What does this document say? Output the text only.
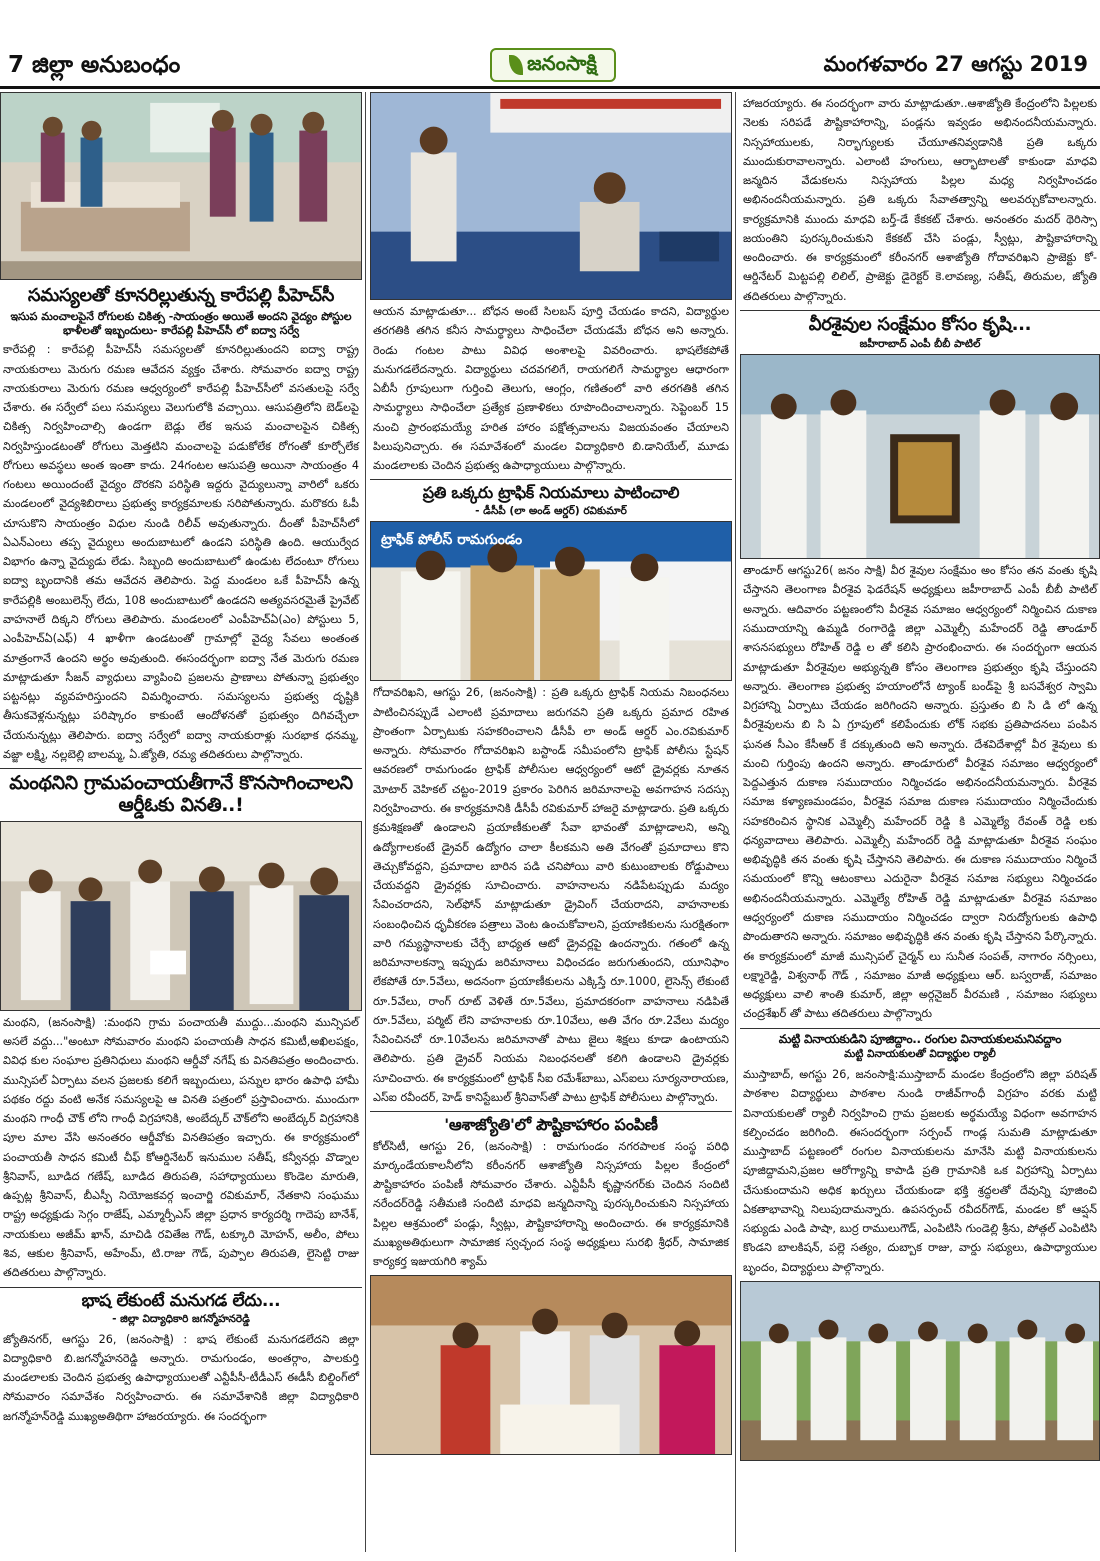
7 జిల్లా అనుబంధం	జనంసాక్షి	మంగళవారం 27 ఆగస్టు 2019
సమస్యలతో కూనరిల్లుతున్న కారేపల్లి పీహెచ్‌సీ
ఇసుప మంచాలపైనే రోగులకు చికిత్స -సాయంత్రం అయితే అందని వైద్యం పోస్టుల భాళీలతో ఇబ్బందులు- కారేపల్లి పీహెచ్‌సీ లో ఐద్వా సర్వే
కారేపల్లి : కారేపల్లి పీహెచ్‌సీ సమస్యలతో కూనరిల్లుతుందని ఐద్వా రాష్ట్ర నాయకురాలు మెరుగు రమణ ఆవేదన వ్యక్తం చేశారు. సోమవారం ఐద్వా రాష్ట్ర నాయకురాలు మెరుగు రమణ ఆధ్వర్యంలో కారేపల్లి పీహెచ్‌సీలో వసతులపై సర్వే చేశారు. ఈ సర్వేలో పలు సమస్యలు వెలుగులోకి వచ్చాయి. ఆసుపత్రిలోని బెడ్‌లపై చికిత్స నిర్వహించాల్సి ఉండగా బెడ్లు లేక ఇనుప మంచాలపైన చికిత్స నిర్వహిస్తుండటంతో రోగులు మెత్తటిని మంచాలపై పడుకోలేక రోగంతో కూర్చోలేక రోగులు అవస్థలు అంత ఇంతా కాదు. 24గంటల ఆసుపత్రి అయినా సాయంత్రం 4 గంటలు అయిందంటే వైద్యం దొరకని పరిస్థితి ఇద్దరు వైద్యులున్నా వారిలో ఒకరు మండలంలో వైద్యశిబిరాలు ప్రభుత్వ కార్యక్రమాలకు సరిపోతున్నారు. మరొకరు ఓపీ చూసుకొని సాయంత్రం విధుల నుండి రిలీవ్ అవుతున్నారు. దీంతో పీహెచ్‌సీలో ఏఎన్ఎంలు తప్ప వైద్యులు అందుబాటులో ఉండని పరిస్థితి ఉంది. ఆయుర్వేద విభాగం ఉన్నా వైద్యుడు లేడు. సిబ్బంది అందుబాటులో ఉండుట లేదంటూ రోగులు ఐద్వా బృందానికి తమ ఆవేదన తెలిపారు. పెద్ద మండలం ఒకే పీహెచ్‌సీ ఉన్న కారేపల్లికి అంబులెన్స్ లేదు, 108 అందుబాటులో ఉండదని అత్యవసరమైతే ప్రైవేట్ వాహనాలే దిక్కని రోగులు తెలిపారు. మండలంలో ఎంపీహెచ్‌ఏ(ఎం) పోస్టులు 5, ఎంపీహెచ్‌ఏ(ఎఫ్) 4 ఖాళీగా ఉండటంతో గ్రామాల్లో వైద్య సేవలు అంతంత మాత్రంగానే ఉందని అర్థం అవుతుంది. ఈసందర్భంగా ఐద్వా నేత మెరుగు రమణ మాట్లాడుతూ సీజన్ వ్యాధులు వ్యాపించి ప్రజలను ప్రాణాలు పోతున్నా ప్రభుత్వం పట్టనట్లు వ్యవహరిస్తుందని విమర్శించారు. సమస్యలను ప్రభుత్వ దృష్టికి తీసుకవెళ్లనున్నట్లు పరిష్కారం కాకుంటే ఆందోళనతో ప్రభుత్వం దిగివచ్చేలా చేయనున్నట్లు తెలిపారు. ఐద్వా సర్వేలో ఐద్వా నాయకురాళ్లు సురభాక ధనమ్మ, వజ్జా లక్ష్మి, నల్లబెల్లి బాలమ్మ, ఏ.జ్యోతి, రమ్య తదితరులు పాల్గొన్నారు.
మంథనిని గ్రామపంచాయతీగానే కొనసాగించాలని ఆర్డీఓకు వినతి..!
మంథని, (జనంసాక్షి) :మంథని గ్రామ పంచాయతీ ముద్దు...మంథని మున్సిపల్ అసలే వద్దు..."అంటూ సోమవారం మంథని పంచాయతీ సాధన కమిటీ,అఖిలపక్షం, వివిధ కుల సంఘాల ప్రతినిధులు మంథని ఆర్డీవో నగేష్ కు వినతిపత్రం అందించారు. మున్సిపల్ ఏర్పాటు వలన ప్రజలకు కలిగే ఇబ్బందులు, పన్నుల భారం ఉపాధి హామీ పథకం రద్దు వంటి అనేక సమస్యలపై ఆ వినతి పత్రంలో ప్రస్తావించారు. ముందుగా మంథని గాంధీ చౌక్ లోని గాంధీ విగ్రహానికి, అంబేద్కర్ చౌక్‌లోని అంబేద్కర్ విగ్రహానికి పూల మాల వేసి అనంతరం ఆర్డీవోకు వినతిపత్రం ఇచ్చారు. ఈ కార్యక్రమంలో పంచాయతీ సాధన కమిటీ చీఫ్ కోఆర్డినేటర్ ఇనుముల సతీష్, కన్వీనర్లు వొడ్నాల శ్రీనివాస్, బూడిద గణేష్, బూడిద తిరుపతి, సహాధ్యాయులు కొండెల మారుతి, ఉప్పట్ల శ్రీనివాస్, బీఎస్పీ నియోజకవర్గ ఇంచార్జి రవికుమార్, నేతకాని సంఘము రాష్ట్ర అధ్యక్షుడు సెగ్గం రాజేష్, ఎమ్మార్పీఎస్ జిల్లా ప్రధాన కార్యదర్శి గాదెపు బానేశ్, నాయకులు అజీమ్ ఖాన్, మాచిడి రవితేజ గౌడ్, టక్కూరి మోహన్, అలీం, పోలు శివ, ఆకుల శ్రీనివాస్, అహేంమ్, టి.రాజు గౌడ్, పుప్పాల తిరుపతి, లైసెట్టి రాజు తదితరులు పాల్గొన్నారు.
భాష లేకుంటే మనుగడ లేదు...
- జిల్లా విద్యాధికారి జగన్మోహనరెడ్డి
జ్యోతినగర్, ఆగస్టు 26, (జనంసాక్షి) : భాష లేకుంటే మనుగడలేదని జిల్లా విద్యాధికారి బి.జగన్మోహనరెడ్డి అన్నారు. రామగుండం, అంతర్గాం, పాలకుర్తి మండలాలకు చెందిన ప్రభుత్వ ఉపాధ్యాయులతో ఎన్టీపీసీ-టీడీఎస్ ఈడీసీ బిల్డింగ్‌లో సోమవారం సమావేశం నిర్వహించారు. ఈ సమావేశానికి జిల్లా విద్యాధికారి జగన్మోహన్‌రెడ్డి ముఖ్యఅతిథిగా హాజరయ్యారు. ఈ సందర్భంగా
ఆయన మాట్లాడుతూ... బోధన అంటే సిలబస్ పూర్తి చేయడం కాదని, విద్యార్థుల తరగతికి తగిన కనీస సామర్థ్యాలు సాధించేలా చేయడమే బోధన అని అన్నారు. రెండు గంటల పాటు వివిధ అంశాలపై వివరించారు. భాషలేకపోతే మనుగడలేదన్నారు. విద్యార్థులు చదవగలిగే, రాయగలిగే సామర్థ్యాల ఆధారంగా ఏబీసీ గ్రూపులుగా గుర్తించి తెలుగు, ఆంగ్లం, గణితంలో వారి తరగతికి తగిన సామర్థ్యాలు సాధించేలా ప్రత్యేక ప్రణాళికలు రూపొందించాలన్నారు. సెప్టెంబర్ 15 నుంచి ప్రారంభమయ్యే హరిత హారం పక్షోత్సవాలను విజయవంతం చేయాలని పిలుపునిచ్చారు. ఈ సమావేశంలో మండల విద్యాధికారి బి.డానియేల్, మూడు మండలాలకు చెందిన ప్రభుత్వ ఉపాధ్యాయులు పాల్గొన్నారు.
ప్రతి ఒక్కరు ట్రాఫిక్ నియమాలు పాటించాలి
- డీసీపీ (లా అండ్ ఆర్డర్) రవికుమార్
ట్రాఫిక్ పోలీస్ రామగుండం
గోదావరిఖని, ఆగస్టు 26, (జనంసాక్షి) : ప్రతి ఒక్కరు ట్రాఫిక్ నియమ నిబంధనలు పాటించినప్పుడే ఎలాంటి ప్రమాదాలు జరుగవని ప్రతి ఒక్కరు ప్రమాద రహిత ప్రాంతంగా ఏర్పాటుకు సహకరించాలని డీసీపీ లా అండ్ ఆర్డర్ ఎం.రవికుమార్ అన్నారు. సోమవారం గోదావరిఖని బస్టాండ్ సమీపంలోని ట్రాఫిక్ పోలీసు స్టేషన్ ఆవరణలో రామగుండం ట్రాఫిక్ పోలీసుల ఆధ్వర్యంలో ఆటో డ్రైవర్లకు నూతన మోటార్ వెహికల్ చట్టం-2019 ప్రకారం పెరిగిన జరిమానాలపై అవగాహన సదస్సు నిర్వహించారు. ఈ కార్యక్రమానికి డీసీపీ రవికుమార్ హాజరై మాట్లాడారు. ప్రతి ఒక్కరు క్రమశిక్షణతో ఉండాలని ప్రయాణీకులతో సేవా భావంతో మాట్లాడాలని, అన్ని ఉద్యోగాలకంటే డ్రైవర్ ఉద్యోగం చాలా కీలకమని అతి వేగంతో ప్రమాదాలు కొని తెచ్చుకోవద్దని, ప్రమాదాల బారిన పడి చనిపోయి వారి కుటుంబాలకు రోడ్డుపాలు చేయవద్దని డ్రైవర్లకు సూచించారు. వాహనాలను నడిపేటప్పుడు మద్యం సేవించరాదని, సెల్‌ఫోన్ మాట్లాడుతూ డ్రైవింగ్ చేయరాదని, వాహనాలకు సంబంధించిన ధృవీకరణ పత్రాలు వెంట ఉంచుకోవాలని, ప్రయాణికులను సురక్షితంగా వారి గమ్యస్థానాలకు చేర్చే బాధ్యత ఆటో డ్రైవర్లపై ఉందన్నారు. గతంలో ఉన్న జరిమానాలకన్నా ఇప్పుడు జరిమానాలు విధించడం జరుగుతుందని, యూనిఫాం లేకపోతే రూ.5వేలు, అదనంగా ప్రయాణీకులను ఎక్కిస్తే రూ.1000, లైసెన్స్ లేకుంటే రూ.5వేలు, రాంగ్ రూట్ వెళితే రూ.5వేలు, ప్రమాదకరంగా వాహనాలు నడిపితే రూ.5వేలు, పర్మిట్ లేని వాహనాలకు రూ.10వేలు, అతి వేగం రూ.2వేలు మద్యం సేవించినచో రూ.10వేలను జరిమానాతో పాటు జైలు శిక్షలు కూడా ఉంటాయని తెలిపారు. ప్రతి డ్రైవర్ నియమ నిబంధనలతో కలిగి ఉండాలని డ్రైవర్లకు సూచించారు. ఈ కార్యక్రమంలో ట్రాఫిక్ సీఐ రమేశ్‌బాబు, ఎస్ఐలు సూర్యనారాయణ, ఎస్ఐ రవీందర్, హెడ్ కానిస్టేబుల్ శ్రీనివాస్‌తో పాటు ట్రాఫిక్ పోలీసులు పాల్గొన్నారు.
'ఆశాజ్యోతి'లో పౌష్టికాహారం పంపిణీ
కోల్‌సిటీ, ఆగస్టు 26, (జనంసాక్షి) : రామగుండం నగరపాలక సంస్థ పరిధి మార్కండేయకాలనీలోని కరీంనగర్ ఆశాజ్యోతి నిస్సహాయ పిల్లల కేంద్రంలో పౌష్టికాహారం పంపిణీ సోమవారం చేశారు. ఎన్టీపీసీ కృష్ణానగర్‌కు చెందిన సందిటి నరేందర్‌రెడ్డి సతీమణి సందిటి మాధవి జన్మదినాన్ని పురస్కరించుకుని నిస్సహాయ పిల్లల ఆశ్రమంలో పండ్లు, స్వీట్లు, పౌష్టికాహారాన్ని అందించారు. ఈ కార్యక్రమానికి ముఖ్యఅతిథులుగా సామాజిక స్వచ్ఛంద సంస్థ అధ్యక్షులు సురభి శ్రీధర్, సామాజిక కార్యకర్త ఇజుయగిరి శ్యామ్
హాజరయ్యారు. ఈ సందర్భంగా వారు మాట్లాడుతూ..ఆశాజ్యోతి కేంద్రంలోని పిల్లలకు నెలకు సరిపడే పౌష్టికాహారాన్ని, పండ్లను ఇవ్వడం అభినందనీయమన్నారు. నిస్సహాయులకు, నిర్భాగ్యులకు చేయూతనివ్వడానికి ప్రతి ఒక్కరు ముందుకురావాలన్నారు. ఎలాంటి హంగులు, ఆర్భాటాలతో కాకుండా మాధవి జన్మదిన వేడుకలను నిస్సహాయ పిల్లల మధ్య నిర్వహించడం అభినందనీయమన్నారు. ప్రతి ఒక్కరు సేవాతత్వాన్ని అలవర్చుకోవాలన్నారు. కార్యక్రమానికి ముందు మాధవి బర్త్-డే కేకకట్ చేశారు. అనంతరం మదర్ థెరిస్సా జయంతిని పురస్కరించుకుని కేకకట్ చేసి పండ్లు, స్వీట్లు, పౌష్టికాహారాన్ని అందించారు. ఈ కార్యక్రమంలో కరీంనగర్ ఆశాజ్యోతి గోదావరిఖని ప్రాజెక్టు కో-ఆర్డినేటర్ మిట్టపల్లి లిలిల్, ప్రాజెక్టు డైరెక్టర్ కె.లావణ్య, సతీష్, తిరుమల, జ్యోతి తదితరులు పాల్గొన్నారు.
వీరశైవుల సంక్షేమం కోసం కృషి...
జహీరాబాద్ ఎంపీ బీబీ పాటిల్
తాండూర్ ఆగస్టు26( జనం సాక్షి) వీర శైవుల సంక్షేమం అం కోసం తన వంతు కృషి చేస్తానని తెలంగాణ వీరశైవ ఫెడరేషన్ అధ్యక్షులు జహీరాబాద్ ఎంపీ బీబీ పాటిల్ అన్నారు. ఆదివారం పట్టణంలోని వీరశైవ సమాజం ఆధ్వర్యంలో నిర్మించిన దుకాణ సముదాయాన్ని ఉమ్మడి రంగారెడ్డి జిల్లా ఎమ్మెల్సీ మహేందర్ రెడ్డి తాండూర్ శాసనసభ్యులు రోహిత్ రెడ్డి ల తో కలిసి ప్రారంభించారు. ఈ సందర్భంగా ఆయన మాట్లాడుతూ వీరశైవుల అభ్యున్నతి కోసం తెలంగాణ ప్రభుత్వం కృషి చేస్తుందని అన్నారు. తెలంగాణ ప్రభుత్వ హయాంలోనే ట్యాంక్ బండ్‌పై శ్రీ బసవేశ్వర స్వామి విగ్రహాన్ని ఏర్పాటు చేయడం జరిగిందని అన్నారు. ప్రస్తుతం బి సి డి లో ఉన్న వీరశైవులను బి సి ఏ గ్రూపులో కలిపేందుకు లోక్ సభకు ప్రతిపాదనలు పంపిన ఘనత సీఎం కేసీఆర్ కే దక్కుతుంది అని అన్నారు. దేశవిదేశాల్లో వీర శైవులు కు మంచి గుర్తింపు ఉందని అన్నారు. తాండూరులో వీరశైవ సమాజం ఆధ్వర్యంలో పెద్దఎత్తున దుకాణ సముదాయం నిర్మించడం అభినందనీయమన్నారు. వీరశైవ సమాజ కళ్యాణమండపం, వీరశైవ సమాజ దుకాణ సముదాయం నిర్మించేందుకు సహకరించిన స్థానిక ఎమ్మెల్సీ మహేందర్ రెడ్డి కి ఎమ్మెల్యే రేవంత్ రెడ్డి లకు ధన్యవాదాలు తెలిపారు. ఎమ్మెల్సీ మహేందర్ రెడ్డి మాట్లాడుతూ వీరశైవ సంఘం అభివృద్ధికి తన వంతు కృషి చేస్తానని తెలిపారు. ఈ దుకాణ సముదాయం నిర్మించే సమయంలో కొన్ని ఆటంకాలు ఎదురైనా వీరశైవ సమాజ సభ్యులు నిర్మించడం అభినందనీయమన్నారు. ఎమ్మెల్యే రోహిత్ రెడ్డి మాట్లాడుతూ వీరశైవ సమాజం ఆధ్వర్యంలో దుకాణ సముదాయం నిర్మించడం ద్వారా నిరుద్యోగులకు ఉపాధి పొందుతారని అన్నారు. సమాజం అభివృద్ధికి తన వంతు కృషి చేస్తానని పేర్కొన్నారు. ఈ కార్యక్రమంలో మాజీ మున్సిపల్ చైర్మన్ లు సునీత సంపత్, నాగారం నర్సింలు, లక్ష్మారెడ్డి, విశ్వనాథ్ గౌడ్ , సమాజం మాజీ అధ్యక్షులు ఆర్. బస్వరాజ్, సమాజం అధ్యక్షులు వాలి శాంతి కుమార్, జిల్లా అర్గనైజర్ వీరమణి , సమాజం సభ్యులు చంద్రశేఖర్ తో పాటు తదితరులు పాల్గొన్నారు
మట్టి వినాయకుడిని పూజిద్దాం.. రంగుల వినాయకులమనివద్దాం
మట్టి వినాయకులతో విద్యార్థుల ర్యాలీ
ముస్తాబాద్, అగస్టు 26, జనంసాక్షి:ముస్తాబాద్ మండల కేంద్రంలోని జిల్లా పరిషత్ పాఠశాల విద్యార్థులు పాఠశాల నుండి రాజీవ్‌గాంధీ విగ్రహం వరకు మట్టి వినాయకులతో ర్యాలీ నిర్వహించి గ్రామ ప్రజలకు అర్థమయ్యే విధంగా అవగాహన కల్పించడం జరిగింది. ఈసందర్భంగా సర్పంచ్ గాండ్ల సుమతి మాట్లాడుతూ ముస్తాబాద్ పట్టణంలో రంగుల వినాయకులను మానేసి మట్టి వినాయకులను పూజిద్దామని,ప్రజల ఆరోగ్యాన్ని కాపాడి ప్రతి గ్రామానికి ఒక విగ్రహాన్ని ఏర్పాటు చేసుకుందామని అధిక ఖర్చులు చేయకుండా భక్తి శ్రద్ధలతో దేవున్ని పూజించి ఏకతాభావాన్ని నిలుపుదామన్నారు. ఉపసర్పంచ్ రవీదర్‌గౌడ్, మండల కో ఆప్షన్ సభ్యుడు ఎండి పాషా, బుర్ర రాములుగౌడ్, ఎంపిటిసి గుండెల్లి శ్రీను, పోత్గల్ ఎంపిటిసి కొండని బాలకిషన్, పల్లె సత్యం, దుబ్బాక రాజు, వార్డు సభ్యులు, ఉపాధ్యాయుల బృందం, విద్యార్థులు పాల్గొన్నారు.
